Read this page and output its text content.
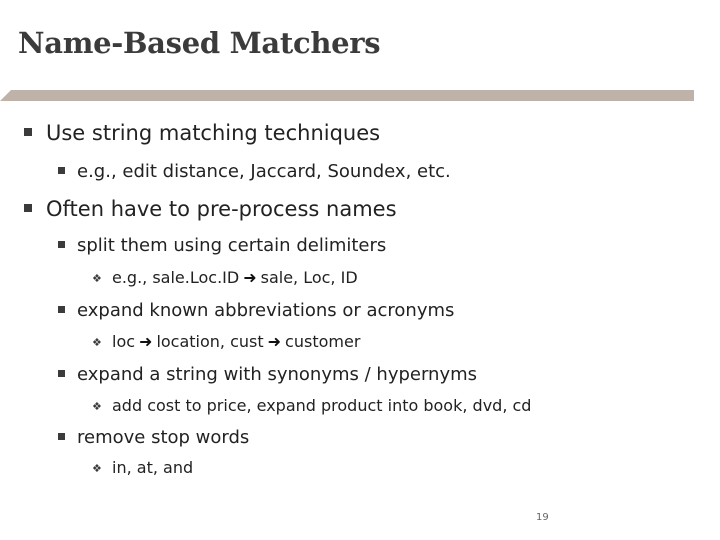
Name-Based Matchers
Use string matching techniques
e.g., edit distance, Jaccard, Soundex, etc.
Often have to pre-process names
split them using certain delimiters
❖ e.g., sale.Loc.ID ➜ sale, Loc, ID
expand known abbreviations or acronyms
❖ loc ➜ location, cust ➜ customer
expand a string with synonyms / hypernyms
❖ add cost to price, expand product into book, dvd, cd
remove stop words
❖ in, at, and
19
